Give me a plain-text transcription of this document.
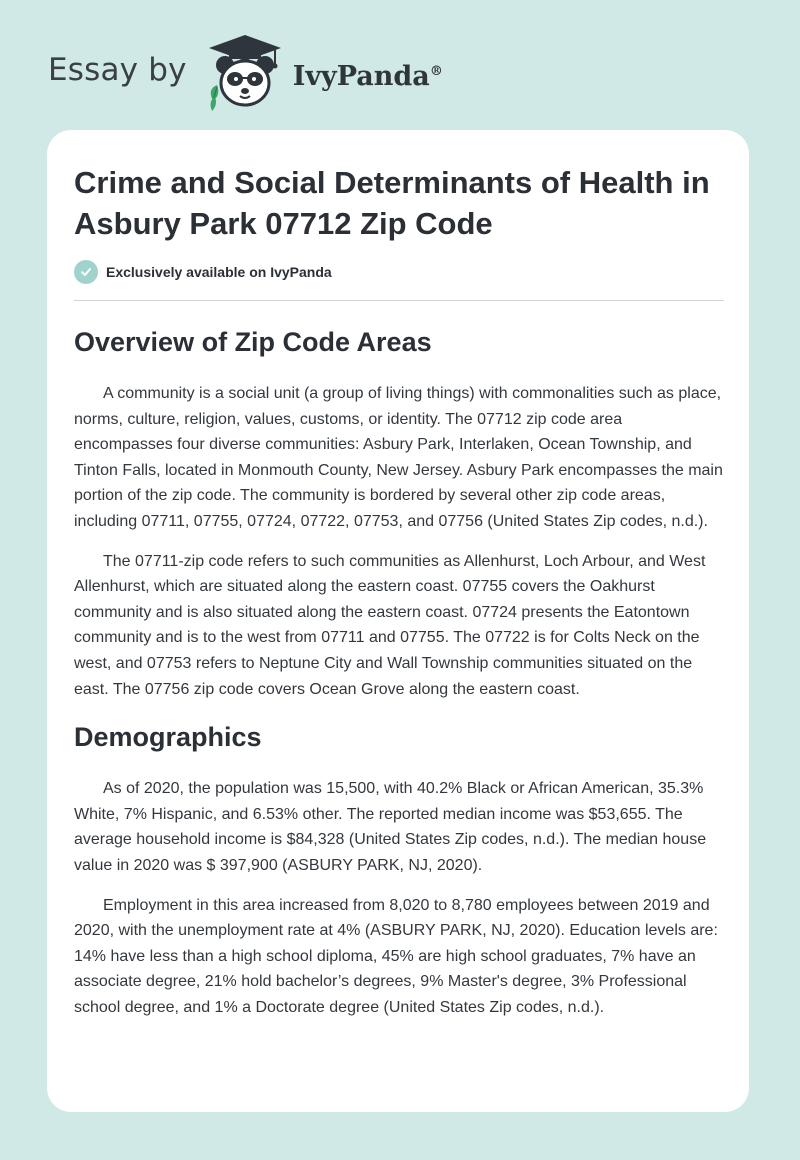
Essay by	IvyPanda®
Crime and Social Determinants of Health in Asbury Park 07712 Zip Code
Exclusively available on IvyPanda
Overview of Zip Code Areas

A community is a social unit (a group of living things) with commonalities such as place, norms, culture, religion, values, customs, or identity. The 07712 zip code area encompasses four diverse communities: Asbury Park, Interlaken, Ocean Township, and Tinton Falls, located in Monmouth County, New Jersey. Asbury Park encompasses the main portion of the zip code. The community is bordered by several other zip code areas, including 07711, 07755, 07724, 07722, 07753, and 07756 (United States Zip codes, n.d.).

The 07711-zip code refers to such communities as Allenhurst, Loch Arbour, and West Allenhurst, which are situated along the eastern coast. 07755 covers the Oakhurst community and is also situated along the eastern coast. 07724 presents the Eatontown community and is to the west from 07711 and 07755. The 07722 is for Colts Neck on the west, and 07753 refers to Neptune City and Wall Township communities situated on the east. The 07756 zip code covers Ocean Grove along the eastern coast.

Demographics

As of 2020, the population was 15,500, with 40.2% Black or African American, 35.3% White, 7% Hispanic, and 6.53% other. The reported median income was $53,655. The average household income is $84,328 (United States Zip codes, n.d.). The median house value in 2020 was $ 397,900 (ASBURY PARK, NJ, 2020).

Employment in this area increased from 8,020 to 8,780 employees between 2019 and 2020, with the unemployment rate at 4% (ASBURY PARK, NJ, 2020). Education levels are: 14% have less than a high school diploma, 45% are high school graduates, 7% have an associate degree, 21% hold bachelor’s degrees, 9% Master's degree, 3% Professional school degree, and 1% a Doctorate degree (United States Zip codes, n.d.).
